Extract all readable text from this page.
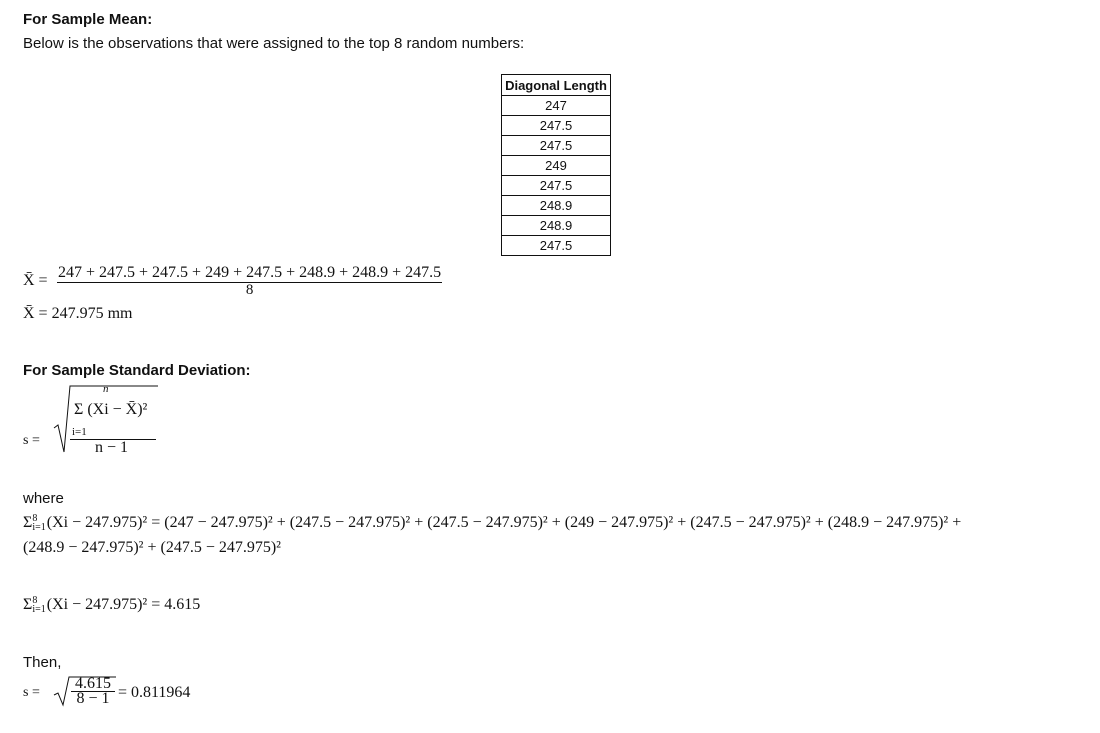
For Sample Mean:
Below is the observations that were assigned to the top 8 random numbers:
Diagonal Length
247
247.5
247.5
249
247.5
248.9
248.9
247.5
X̄ = $\frac{247 + 247.5 + 247.5 + 249 + 247.5 + 248.9 + 248.9 + 247.5}{8}$
X̄ = 247.975 mm
For Sample Standard Deviation:
s =
n
Σ (Xi − X̄)²
i=1
n − 1
where
Σ 8
i=1 (Xi − 247.975)² = (247 − 247.975)² + (247.5 − 247.975)² + (247.5 − 247.975)² + (249 − 247.975)² + (247.5 − 247.975)² + (248.9 − 247.975)² +
(248.9 − 247.975)² + (247.5 − 247.975)²
Σ 8
i=1 (Xi − 247.975)² = 4.615
Then,
$s = \frac{4.615}{8 - 1} = 0.811964$
